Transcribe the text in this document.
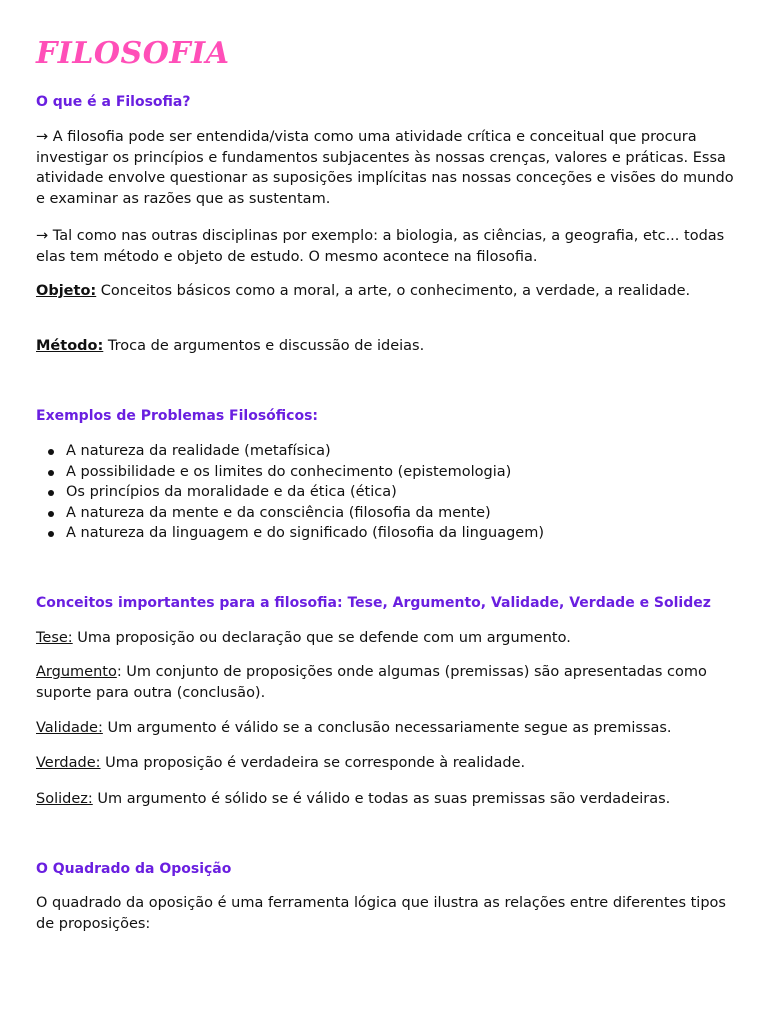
FILOSOFIA
O que é a Filosofia?

→ A filosofia pode ser entendida/vista como uma atividade crítica e conceitual que procura investigar os princípios e fundamentos subjacentes às nossas crenças, valores e práticas. Essa atividade envolve questionar as suposições implícitas nas nossas conceções e visões do mundo e examinar as razões que as sustentam.

→ Tal como nas outras disciplinas por exemplo: a biologia, as ciências, a geografia, etc... todas elas tem método e objeto de estudo. O mesmo acontece na filosofia.

Objeto: Conceitos básicos como a moral, a arte, o conhecimento, a verdade, a realidade.

Método: Troca de argumentos e discussão de ideias.

Exemplos de Problemas Filosóficos:
A natureza da realidade (metafísica)
A possibilidade e os limites do conhecimento (epistemologia)
Os princípios da moralidade e da ética (ética)
A natureza da mente e da consciência (filosofia da mente)
A natureza da linguagem e do significado (filosofia da linguagem)
Conceitos importantes para a filosofia: Tese, Argumento, Validade, Verdade e Solidez

Tese: Uma proposição ou declaração que se defende com um argumento.

Argumento: Um conjunto de proposições onde algumas (premissas) são apresentadas como suporte para outra (conclusão).

Validade: Um argumento é válido se a conclusão necessariamente segue as premissas.

Verdade: Uma proposição é verdadeira se corresponde à realidade.

Solidez: Um argumento é sólido se é válido e todas as suas premissas são verdadeiras.

O Quadrado da Oposição

O quadrado da oposição é uma ferramenta lógica que ilustra as relações entre diferentes tipos de proposições:
